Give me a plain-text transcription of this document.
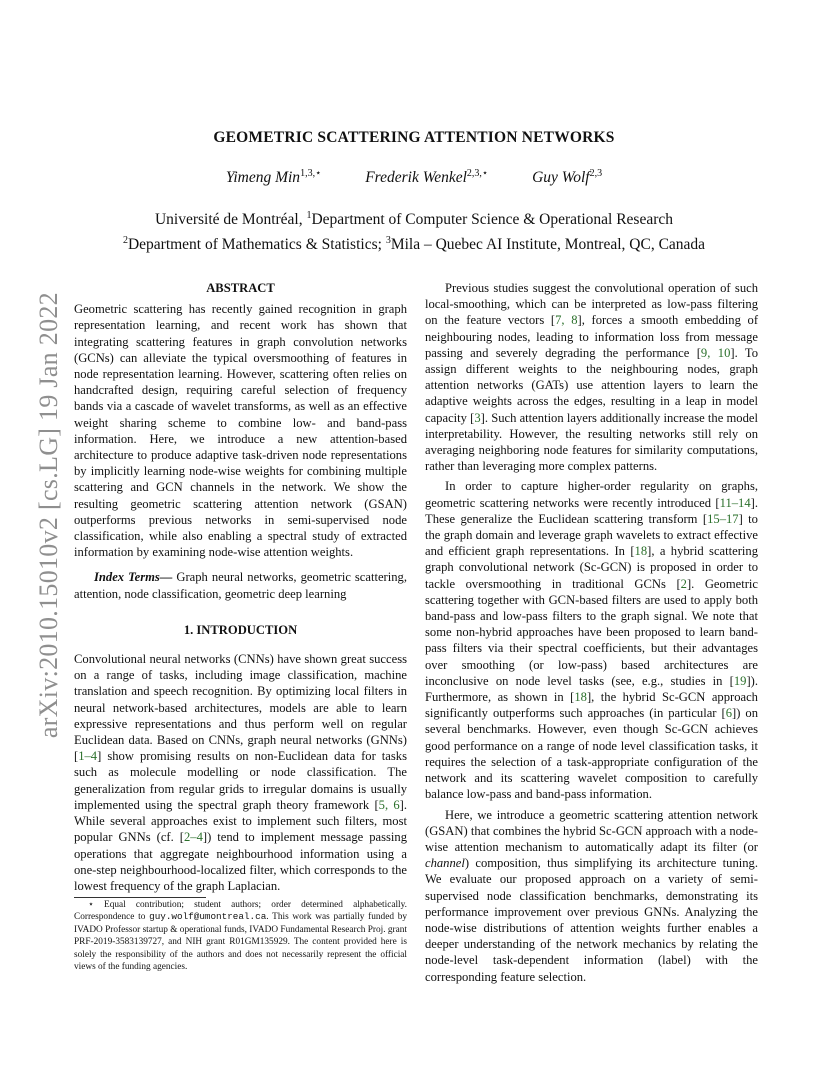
arXiv:2010.15010v2 [cs.LG] 19 Jan 2022
GEOMETRIC SCATTERING ATTENTION NETWORKS
Yimeng Min$^{1,3,⋆}$	Frederik Wenkel$^{2,3,⋆}$	Guy Wolf$^{2,3}$
Université de Montréal, $^1$Department of Computer Science & Operational Research
$^2$Department of Mathematics & Statistics; $^3$Mila – Quebec AI Institute, Montreal, QC, Canada
ABSTRACT

Geometric scattering has recently gained recognition in graph representation learning, and recent work has shown that integrating scattering features in graph convolution networks (GCNs) can alleviate the typical oversmoothing of features in node representation learning. However, scattering often relies on handcrafted design, requiring careful selection of frequency bands via a cascade of wavelet transforms, as well as an effective weight sharing scheme to combine low- and band-pass information. Here, we introduce a new attention-based architecture to produce adaptive task-driven node representations by implicitly learning node-wise weights for combining multiple scattering and GCN channels in the network. We show the resulting geometric scattering attention network (GSAN) outperforms previous networks in semi-supervised node classification, while also enabling a spectral study of extracted information by examining node-wise attention weights.

Index Terms— Graph neural networks, geometric scattering, attention, node classification, geometric deep learning

1. INTRODUCTION

Convolutional neural networks (CNNs) have shown great success on a range of tasks, including image classification, machine translation and speech recognition. By optimizing local filters in neural network-based architectures, models are able to learn expressive representations and thus perform well on regular Euclidean data. Based on CNNs, graph neural networks (GNNs) [ 1–4 ] show promising results on non-Euclidean data for tasks such as molecule modelling or node classification. The generalization from regular grids to irregular domains is usually implemented using the spectral graph theory framework [ 5, 6 ] . While several approaches exist to implement such filters, most popular GNNs (cf. [ 2–4 ] ) tend to implement message passing operations that aggregate neighbourhood information using a one-step neighbourhood-localized filter, which corresponds to the lowest frequency of the graph Laplacian.

⋆ Equal contribution; student authors; order determined alphabetically. Correspondence to guy.wolf@umontreal.ca. This work was partially funded by IVADO Professor startup & operational funds, IVADO Fundamental Research Proj. grant PRF-2019-3583139727, and NIH grant R01GM135929. The content provided here is solely the responsibility of the authors and does not necessarily represent the official views of the funding agencies.

Previous studies suggest the convolutional operation of such local-smoothing, which can be interpreted as low-pass filtering on the feature vectors [ 7, 8 ] , forces a smooth embedding of neighbouring nodes, leading to information loss from message passing and severely degrading the performance [ 9, 10 ] . To assign different weights to the neighbouring nodes, graph attention networks (GATs) use attention layers to learn the adaptive weights across the edges, resulting in a leap in model capacity [ 3 ] . Such attention layers additionally increase the model interpretability. However, the resulting networks still rely on averaging neighboring node features for similarity computations, rather than leveraging more complex patterns.

In order to capture higher-order regularity on graphs, geometric scattering networks were recently introduced [ 11–14 ] . These generalize the Euclidean scattering transform [ 15–17 ] to the graph domain and leverage graph wavelets to extract effective and efficient graph representations. In [ 18 ] , a hybrid scattering graph convolutional network (Sc-GCN) is proposed in order to tackle oversmoothing in traditional GCNs [ 2 ] . Geometric scattering together with GCN-based filters are used to apply both band-pass and low-pass filters to the graph signal. We note that some non-hybrid approaches have been proposed to learn band-pass filters via their spectral coefficients, but their advantages over smoothing (or low-pass) based architectures are inconclusive on node level tasks (see, e.g., studies in [ 19 ] ). Furthermore, as shown in [ 18 ] , the hybrid Sc-GCN approach significantly outperforms such approaches (in particular [ 6 ] ) on several benchmarks. However, even though Sc-GCN achieves good performance on a range of node level classification tasks, it requires the selection of a task-appropriate configuration of the network and its scattering wavelet composition to carefully balance low-pass and band-pass information.

Here, we introduce a geometric scattering attention network (GSAN) that combines the hybrid Sc-GCN approach with a node-wise attention mechanism to automatically adapt its filter (or channel) composition, thus simplifying its architecture tuning. We evaluate our proposed approach on a variety of semi-supervised node classification benchmarks, demonstrating its performance improvement over previous GNNs. Analyzing the node-wise distributions of attention weights further enables a deeper understanding of the network mechanics by relating the node-level task-dependent information (label) with the corresponding feature selection.
